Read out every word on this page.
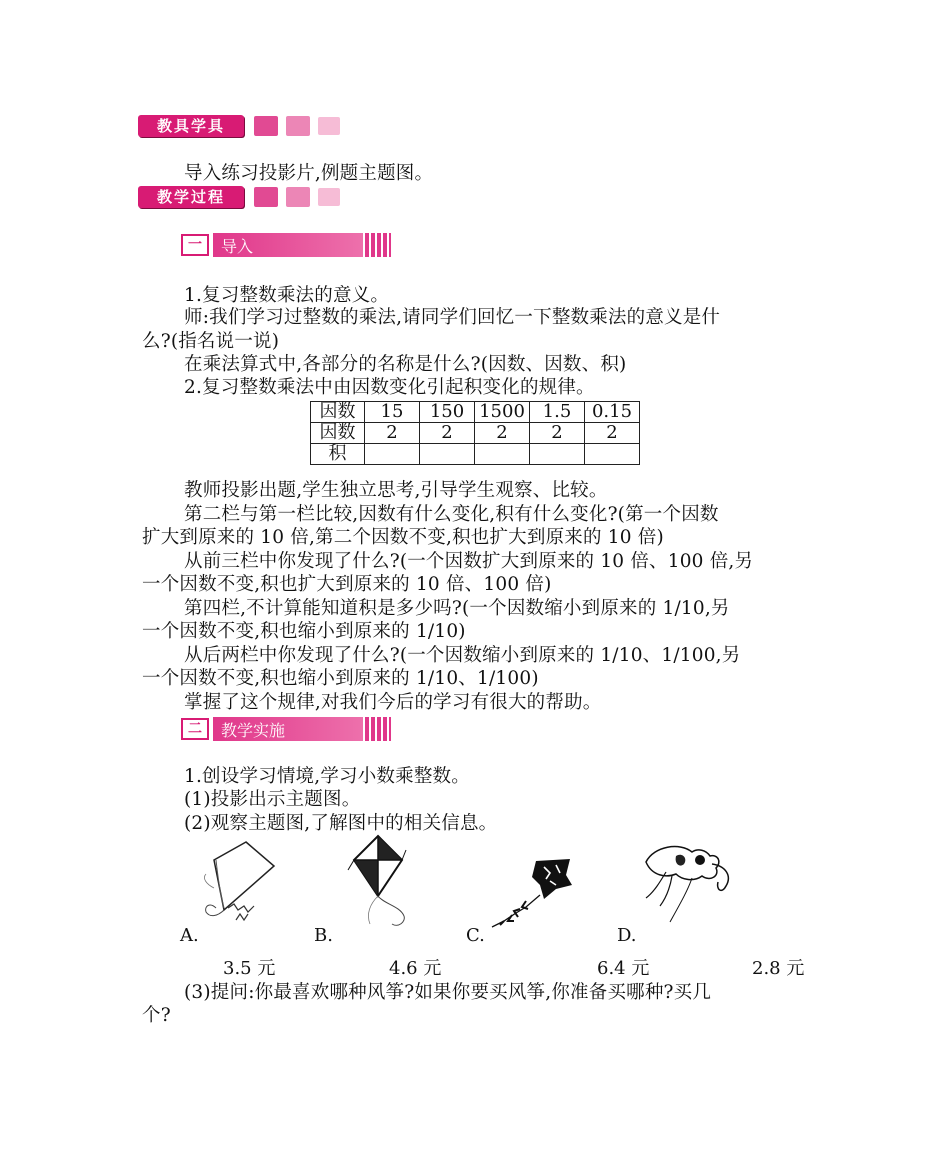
教具学具
导入练习投影片,例题主题图。
教学过程
一	导入
1.复习整数乘法的意义。
师:我们学习过整数的乘法,请同学们回忆一下整数乘法的意义是什
么?(指名说一说)
在乘法算式中,各部分的名称是什么?(因数、因数、积)
2.复习整数乘法中由因数变化引起积变化的规律。
因数	15	150	1500	1.5	0.15
因数	2	2	2	2	2
积					
教师投影出题,学生独立思考,引导学生观察、比较。
第二栏与第一栏比较,因数有什么变化,积有什么变化?(第一个因数
扩大到原来的 10 倍,第二个因数不变,积也扩大到原来的 10 倍)
从前三栏中你发现了什么?(一个因数扩大到原来的 10 倍、100 倍,另
一个因数不变,积也扩大到原来的 10 倍、100 倍)
第四栏,不计算能知道积是多少吗?(一个因数缩小到原来的 1/10,另
一个因数不变,积也缩小到原来的 1/10)
从后两栏中你发现了什么?(一个因数缩小到原来的 1/10、1/100,另
一个因数不变,积也缩小到原来的 1/10、1/100)
掌握了这个规律,对我们今后的学习有很大的帮助。
二	教学实施
1.创设学习情境,学习小数乘整数。
(1)投影出示主题图。
(2)观察主题图,了解图中的相关信息。
A.	B.	C.	D.
3.5 元	4.6 元	6.4 元	2.8 元
(3)提问:你最喜欢哪种风筝?如果你要买风筝,你准备买哪种?买几
个?
